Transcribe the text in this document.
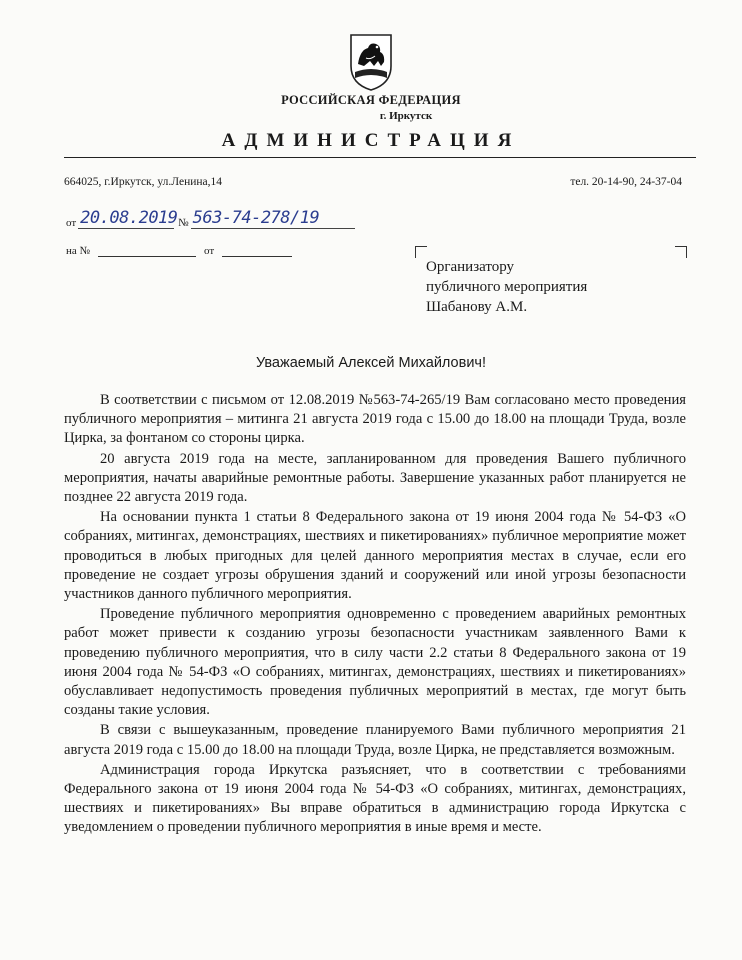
РОССИЙСКАЯ ФЕДЕРАЦИЯ
г. Иркутск
АДМИНИСТРАЦИЯ
664025, г.Иркутск, ул.Ленина,14	тел. 20-14-90, 24-37-04
от 20.08.2019 № 563-74-278/19
на №	от
Организатору
публичного мероприятия
Шабанову А.М.
Уважаемый Алексей Михайлович!

В соответствии с письмом от 12.08.2019 №563-74-265/19 Вам согласовано место проведения публичного мероприятия – митинга 21 августа 2019 года с 15.00 до 18.00 на площади Труда, возле Цирка, за фонтаном со стороны цирка.

20 августа 2019 года на месте, запланированном для проведения Вашего публичного мероприятия, начаты аварийные ремонтные работы. Завершение указанных работ планируется не позднее 22 августа 2019 года.

На основании пункта 1 статьи 8 Федерального закона от 19 июня 2004 года № 54-ФЗ «О собраниях, митингах, демонстрациях, шествиях и пикетированиях» публичное мероприятие может проводиться в любых пригодных для целей данного мероприятия местах в случае, если его проведение не создает угрозы обрушения зданий и сооружений или иной угрозы безопасности участников данного публичного мероприятия.

Проведение публичного мероприятия одновременно с проведением аварийных ремонтных работ может привести к созданию угрозы безопасности участникам заявленного Вами к проведению публичного мероприятия, что в силу части 2.2 статьи 8 Федерального закона от 19 июня 2004 года № 54-ФЗ «О собраниях, митингах, демонстрациях, шествиях и пикетированиях» обуславливает недопустимость проведения публичных мероприятий в местах, где могут быть созданы такие условия.

В связи с вышеуказанным, проведение планируемого Вами публичного мероприятия 21 августа 2019 года с 15.00 до 18.00 на площади Труда, возле Цирка, не представляется возможным.

Администрация города Иркутска разъясняет, что в соответствии с требованиями Федерального закона от 19 июня 2004 года № 54-ФЗ «О собраниях, митингах, демонстрациях, шествиях и пикетированиях» Вы вправе обратиться в администрацию города Иркутска с уведомлением о проведении публичного мероприятия в иные время и месте.
